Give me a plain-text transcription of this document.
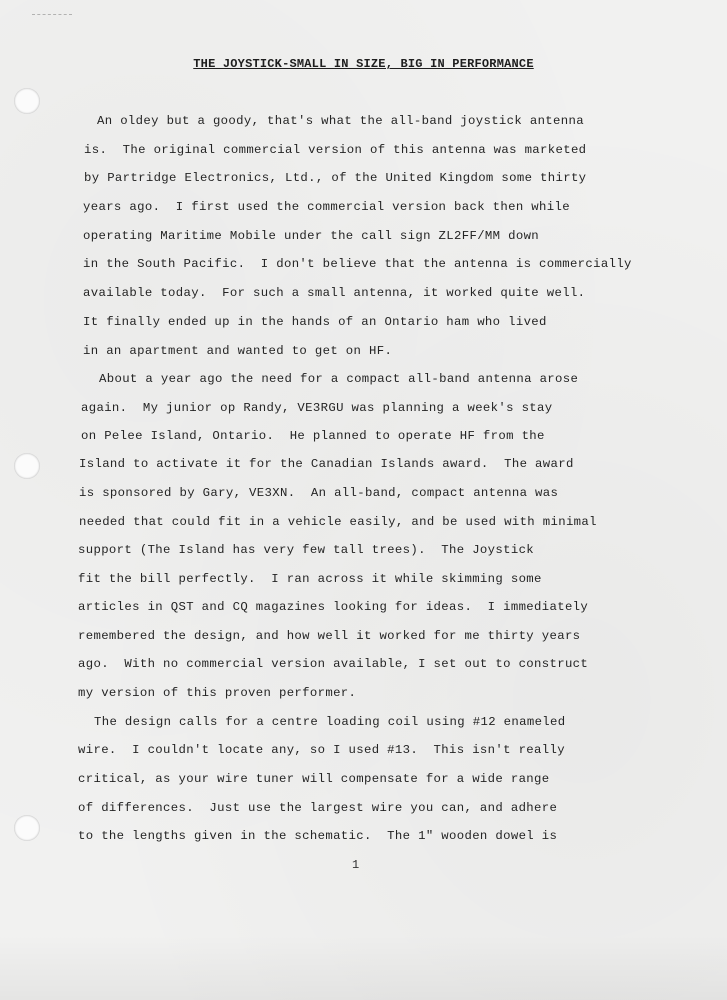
THE JOYSTICK-SMALL IN SIZE, BIG IN PERFORMANCE
An oldey but a goody, that's what the all-band joystick antenna
is.  The original commercial version of this antenna was marketed
by Partridge Electronics, Ltd., of the United Kingdom some thirty
years ago.  I first used the commercial version back then while
operating Maritime Mobile under the call sign ZL2FF/MM down
in the South Pacific.  I don't believe that the antenna is commercially
available today.  For such a small antenna, it worked quite well.
It finally ended up in the hands of an Ontario ham who lived
in an apartment and wanted to get on HF.
About a year ago the need for a compact all-band antenna arose
again.  My junior op Randy, VE3RGU was planning a week's stay
on Pelee Island, Ontario.  He planned to operate HF from the
Island to activate it for the Canadian Islands award.  The award
is sponsored by Gary, VE3XN.  An all-band, compact antenna was
needed that could fit in a vehicle easily, and be used with minimal
support (The Island has very few tall trees).  The Joystick
fit the bill perfectly.  I ran across it while skimming some
articles in QST and CQ magazines looking for ideas.  I immediately
remembered the design, and how well it worked for me thirty years
ago.  With no commercial version available, I set out to construct
my version of this proven performer.
The design calls for a centre loading coil using #12 enameled
wire.  I couldn't locate any, so I used #13.  This isn't really
critical, as your wire tuner will compensate for a wide range
of differences.  Just use the largest wire you can, and adhere
to the lengths given in the schematic.  The 1" wooden dowel is
1
